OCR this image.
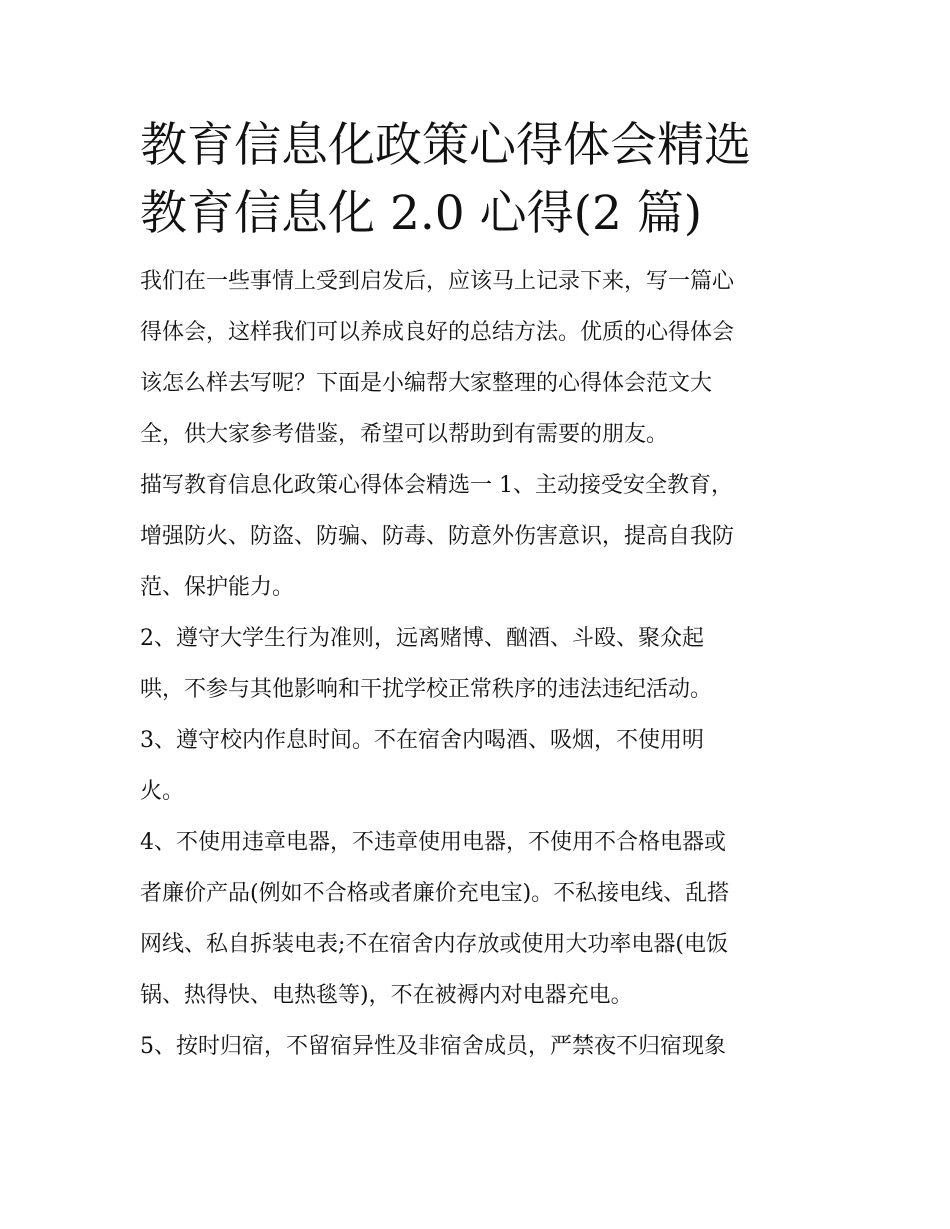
教育信息化政策心得体会精选
教育信息化 2.0 心得(2 篇)

我们在一些事情上受到启发后，应该马上记录下来，写一篇心
得体会，这样我们可以养成良好的总结方法。优质的心得体会
该怎么样去写呢？下面是小编帮大家整理的心得体会范文大
全，供大家参考借鉴，希望可以帮助到有需要的朋友。

描写教育信息化政策心得体会精选一 1、主动接受安全教育，
增强防火、防盗、防骗、防毒、防意外伤害意识，提高自我防
范、保护能力。

2、遵守大学生行为准则，远离赌博、酗酒、斗殴、聚众起
哄，不参与其他影响和干扰学校正常秩序的违法违纪活动。

3、遵守校内作息时间。不在宿舍内喝酒、吸烟，不使用明
火。

4、不使用违章电器，不违章使用电器，不使用不合格电器或
者廉价产品(例如不合格或者廉价充电宝)。不私接电线、乱搭
网线、私自拆装电表;不在宿舍内存放或使用大功率电器(电饭
锅、热得快、电热毯等)，不在被褥内对电器充电。

5、按时归宿，不留宿异性及非宿舍成员，严禁夜不归宿现象
